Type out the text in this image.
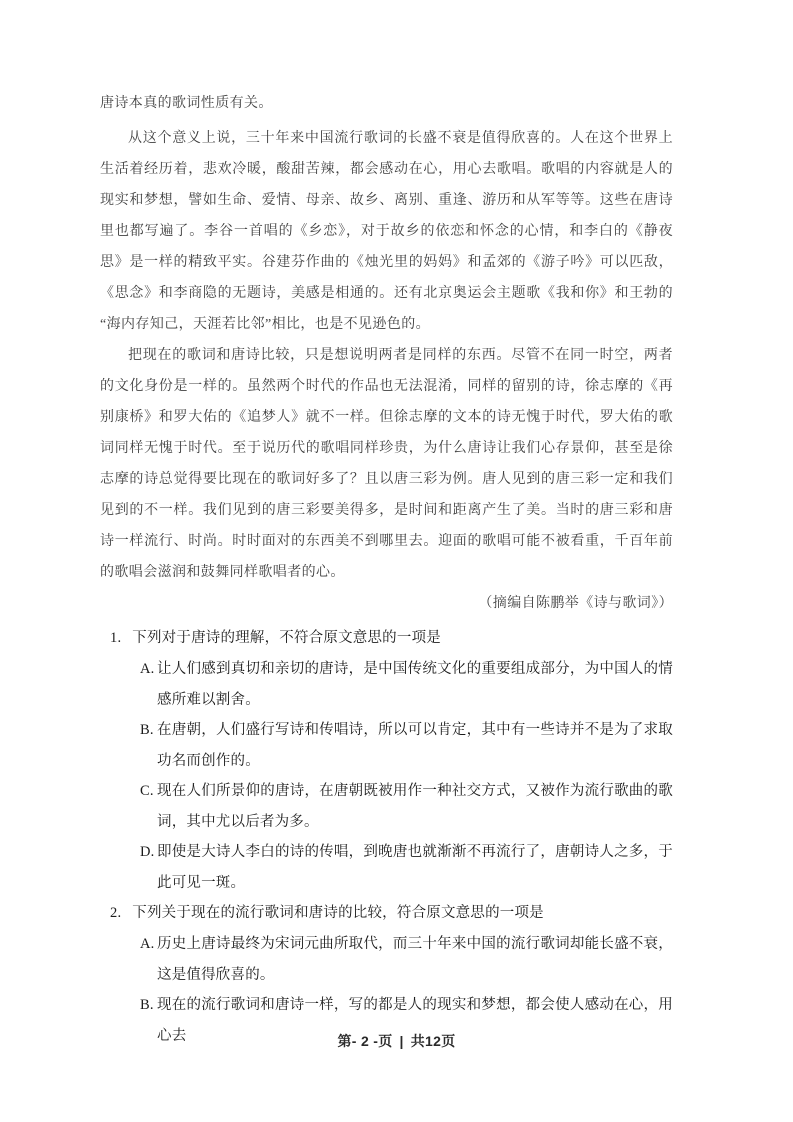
唐诗本真的歌词性质有关。

从这个意义上说，三十年来中国流行歌词的长盛不衰是值得欣喜的。人在这个世界上生活着经历着，悲欢冷暖，酸甜苦辣，都会感动在心，用心去歌唱。歌唱的内容就是人的现实和梦想，譬如生命、爱情、母亲、故乡、离别、重逢、游历和从军等等。这些在唐诗里也都写遍了。李谷一首唱的《乡恋》，对于故乡的依恋和怀念的心情，和李白的《静夜思》是一样的精致平实。谷建芬作曲的《烛光里的妈妈》和孟郊的《游子吟》可以匹敌，《思念》和李商隐的无题诗，美感是相通的。还有北京奥运会主题歌《我和你》和王勃的“海内存知己，天涯若比邻”相比，也是不见逊色的。

把现在的歌词和唐诗比较，只是想说明两者是同样的东西。尽管不在同一时空，两者的文化身份是一样的。虽然两个时代的作品也无法混淆，同样的留别的诗，徐志摩的《再别康桥》和罗大佑的《追梦人》就不一样。但徐志摩的文本的诗无愧于时代，罗大佑的歌词同样无愧于时代。至于说历代的歌唱同样珍贵，为什么唐诗让我们心存景仰，甚至是徐志摩的诗总觉得要比现在的歌词好多了？且以唐三彩为例。唐人见到的唐三彩一定和我们见到的不一样。我们见到的唐三彩要美得多，是时间和距离产生了美。当时的唐三彩和唐诗一样流行、时尚。时时面对的东西美不到哪里去。迎面的歌唱可能不被看重，千百年前的歌唱会滋润和鼓舞同样歌唱者的心。

（摘编自陈鹏举《诗与歌词》）

1. 下列对于唐诗的理解，不符合原文意思的一项是
A. 让人们感到真切和亲切的唐诗，是中国传统文化的重要组成部分，为中国人的情感所难以割舍。
B. 在唐朝，人们盛行写诗和传唱诗，所以可以肯定，其中有一些诗并不是为了求取功名而创作的。
C. 现在人们所景仰的唐诗，在唐朝既被用作一种社交方式，又被作为流行歌曲的歌词，其中尤以后者为多。
D. 即使是大诗人李白的诗的传唱，到晚唐也就渐渐不再流行了，唐朝诗人之多，于此可见一斑。
2. 下列关于现在的流行歌词和唐诗的比较，符合原文意思的一项是
A. 历史上唐诗最终为宋词元曲所取代，而三十年来中国的流行歌词却能长盛不衰，这是值得欣喜的。
B. 现在的流行歌词和唐诗一样，写的都是人的现实和梦想，都会使人感动在心，用心去	第- 2 -页 | 共12页
